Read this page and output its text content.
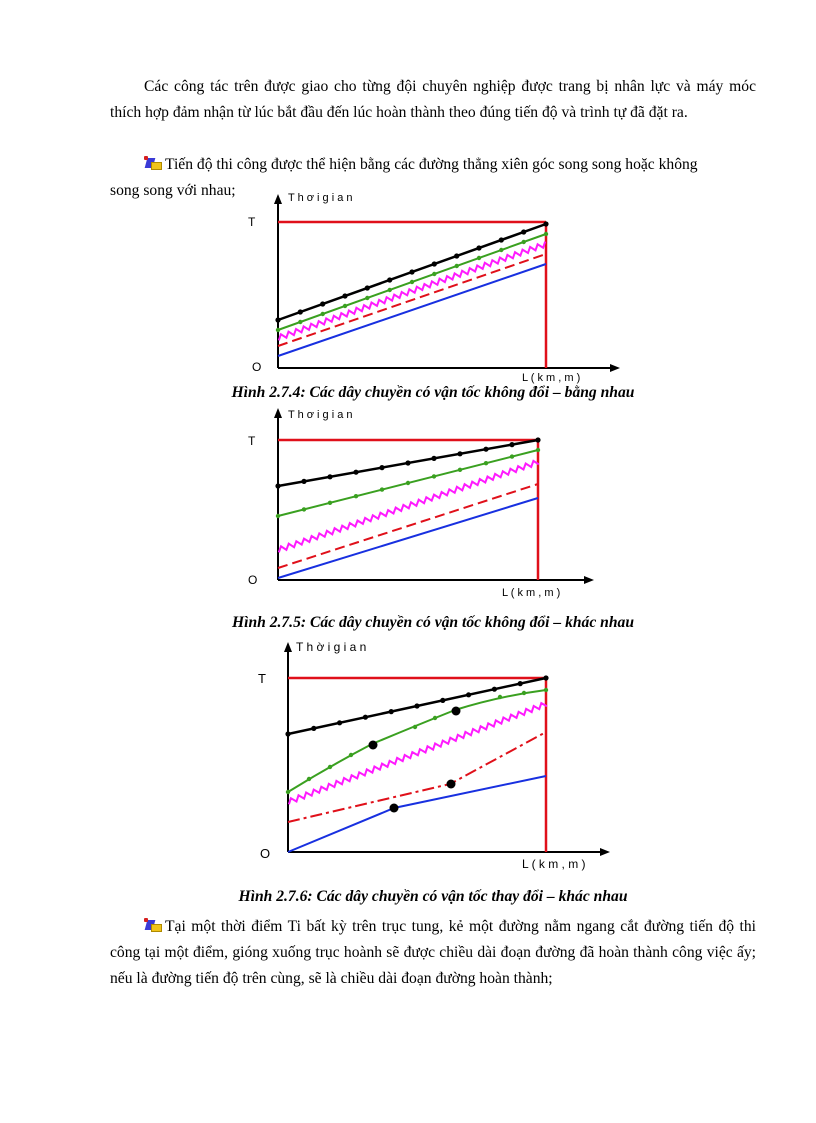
Các công tác trên được giao cho từng đội chuyên nghiệp được trang bị nhân lực và máy móc thích hợp đảm nhận từ lúc bắt đầu đến lúc hoàn thành theo đúng tiến độ và trình tự đã đặt ra.

Tiến độ thi công được thể hiện bằng các đường thẳng xiên góc song song hoặc không
song song với nhau;	T h ơ i g i a n
T
O
L ( k m , m )
Hình 2.7.4: Các dây chuyền có vận tốc không đổi – bằng nhau
T h ơ i g i a n
T
O
L ( k m , m )
Hình 2.7.5: Các dây chuyền có vận tốc không đổi – khác nhau
T h ờ i g i a n
T
O
L ( k m , m )
Hình 2.7.6: Các dây chuyền có vận tốc thay đổi – khác nhau
Tại một thời điểm Ti bất kỳ trên trục tung, kẻ một đường nằm ngang cắt đường tiến độ thi công tại một điểm, gióng xuống trục hoành sẽ được chiều dài đoạn đường đã hoàn thành công việc ấy; nếu là đường tiến độ trên cùng, sẽ là chiều dài đoạn đường hoàn thành;
